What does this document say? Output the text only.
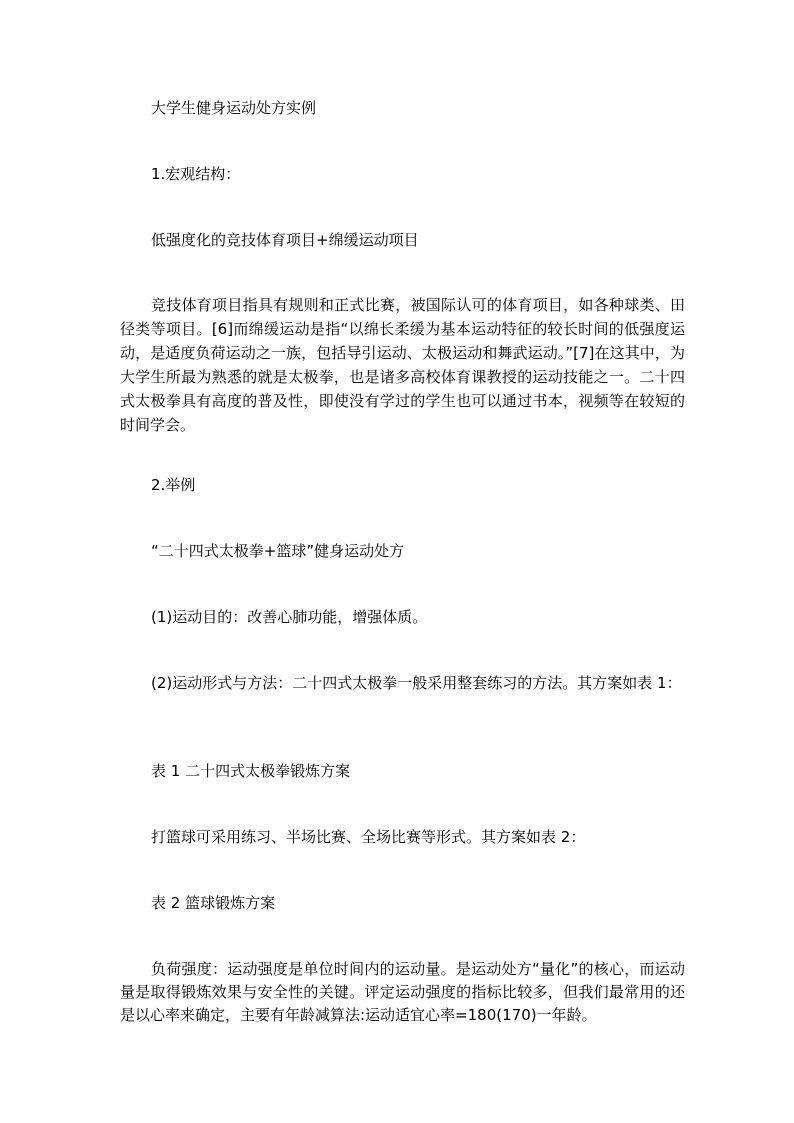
大学生健身运动处方实例
1.宏观结构：
低强度化的竞技体育项目+绵缓运动项目
竞技体育项目指具有规则和正式比赛，被国际认可的体育项目，如各种球类、田径类等项目。[6]而绵缓运动是指“以绵长柔缓为基本运动特征的较长时间的低强度运动，是适度负荷运动之一族，包括导引运动、太极运动和舞武运动。”[7]在这其中，为大学生所最为熟悉的就是太极拳，也是诸多高校体育课教授的运动技能之一。二十四式太极拳具有高度的普及性，即使没有学过的学生也可以通过书本，视频等在较短的时间学会。
2.举例
“二十四式太极拳+篮球”健身运动处方
(1)运动目的：改善心肺功能，增强体质。
(2)运动形式与方法：二十四式太极拳一般采用整套练习的方法。其方案如表 1：
表 1 二十四式太极拳锻炼方案
打篮球可采用练习、半场比赛、全场比赛等形式。其方案如表 2：
表 2 篮球锻炼方案
负荷强度：运动强度是单位时间内的运动量。是运动处方“量化”的核心，而运动量是取得锻炼效果与安全性的关键。评定运动强度的指标比较多，但我们最常用的还是以心率来确定，主要有年龄减算法:运动适宜心率=180(170)一年龄。
